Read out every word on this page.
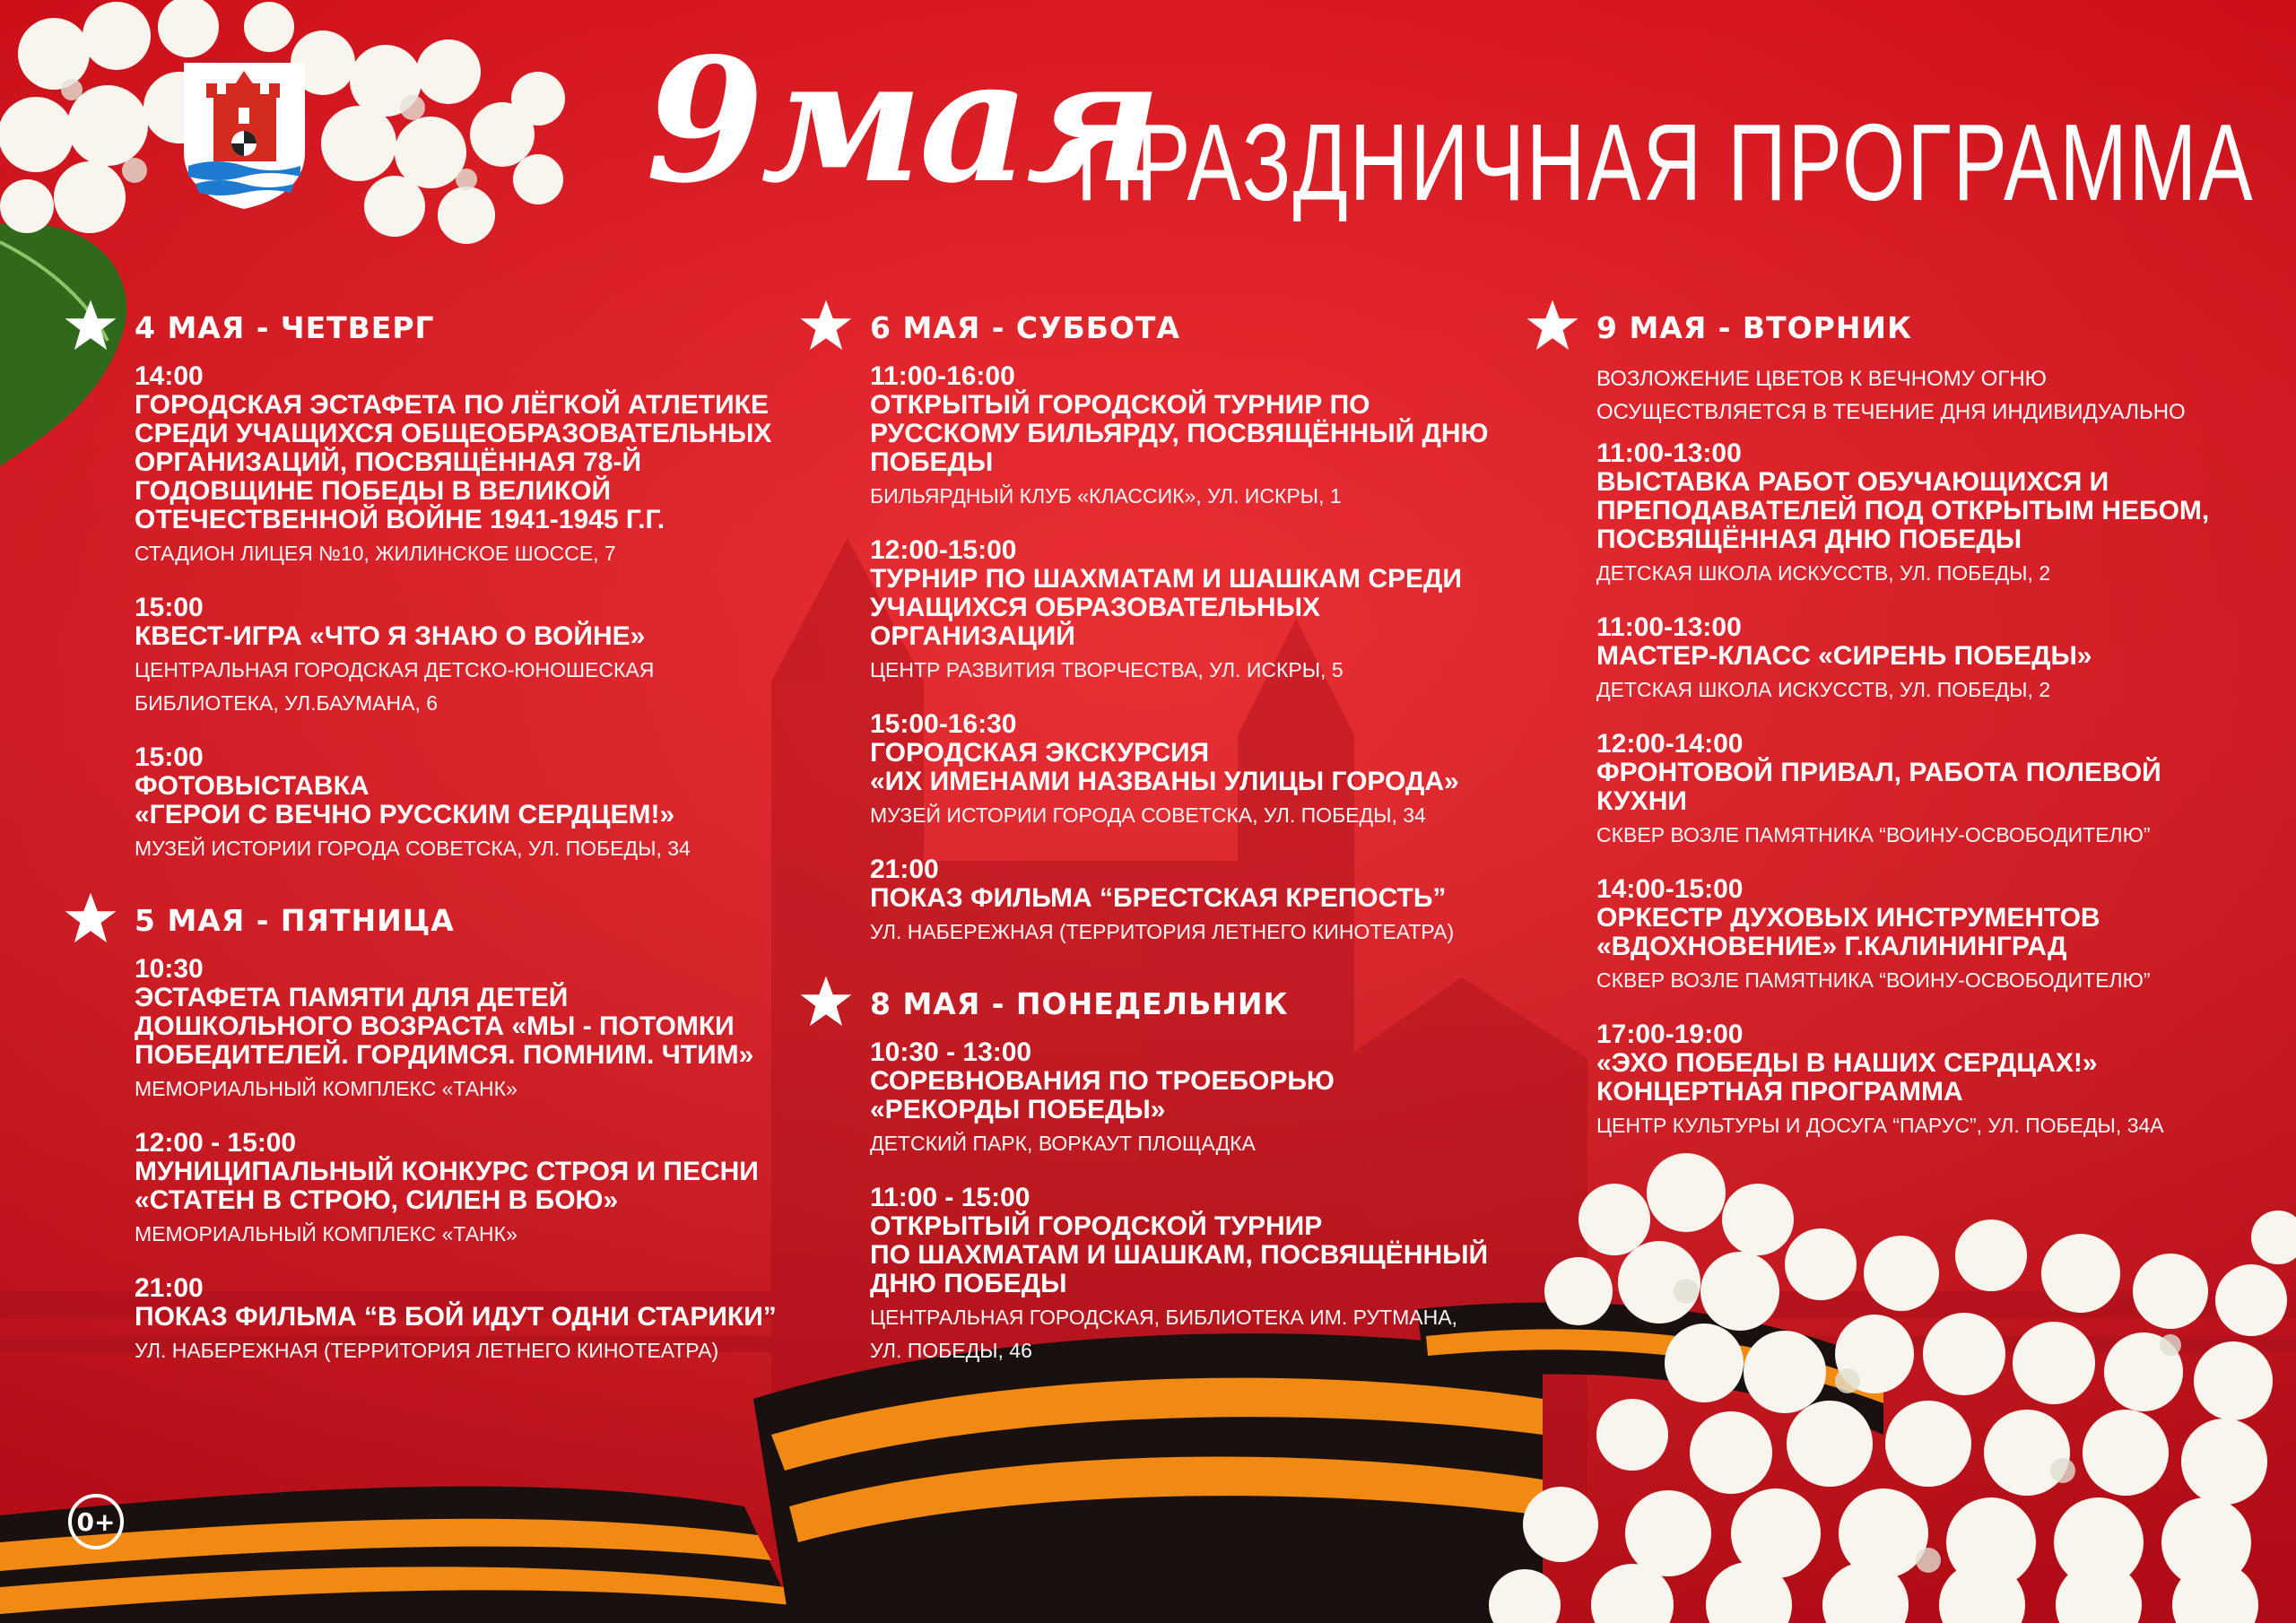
9мая
ПРАЗДНИЧНАЯ ПРОГРАММА
4 МАЯ - ЧЕТВЕРГ
14:00
ГОРОДСКАЯ ЭСТАФЕТА ПО ЛЁГКОЙ АТЛЕТИКЕ
СРЕДИ УЧАЩИХСЯ ОБЩЕОБРАЗОВАТЕЛЬНЫХ
ОРГАНИЗАЦИЙ, ПОСВЯЩЁННАЯ 78-Й
ГОДОВЩИНЕ ПОБЕДЫ В ВЕЛИКОЙ
ОТЕЧЕСТВЕННОЙ ВОЙНЕ 1941-1945 Г.Г.
СТАДИОН ЛИЦЕЯ №10, ЖИЛИНСКОЕ ШОССЕ, 7
15:00
КВЕСТ-ИГРА «ЧТО Я ЗНАЮ О ВОЙНЕ»
ЦЕНТРАЛЬНАЯ ГОРОДСКАЯ ДЕТСКО-ЮНОШЕСКАЯ
БИБЛИОТЕКА, УЛ.БАУМАНА, 6
15:00
ФОТОВЫСТАВКА
«ГЕРОИ С ВЕЧНО РУССКИМ СЕРДЦЕМ!»
МУЗЕЙ ИСТОРИИ ГОРОДА СОВЕТСКА, УЛ. ПОБЕДЫ, 34
5 МАЯ - ПЯТНИЦА
10:30
ЭСТАФЕТА ПАМЯТИ ДЛЯ ДЕТЕЙ
ДОШКОЛЬНОГО ВОЗРАСТА «МЫ - ПОТОМКИ
ПОБЕДИТЕЛЕЙ. ГОРДИМСЯ. ПОМНИМ. ЧТИМ»
МЕМОРИАЛЬНЫЙ КОМПЛЕКС «ТАНК»
12:00 - 15:00
МУНИЦИПАЛЬНЫЙ КОНКУРС СТРОЯ И ПЕСНИ
«СТАТЕН В СТРОЮ, СИЛЕН В БОЮ»
МЕМОРИАЛЬНЫЙ КОМПЛЕКС «ТАНК»
21:00
ПОКАЗ ФИЛЬМА “В БОЙ ИДУТ ОДНИ СТАРИКИ”
УЛ. НАБЕРЕЖНАЯ (ТЕРРИТОРИЯ ЛЕТНЕГО КИНОТЕАТРА)
6 МАЯ - СУББОТА
11:00-16:00
ОТКРЫТЫЙ ГОРОДСКОЙ ТУРНИР ПО
РУССКОМУ БИЛЬЯРДУ, ПОСВЯЩЁННЫЙ ДНЮ
ПОБЕДЫ
БИЛЬЯРДНЫЙ КЛУБ «КЛАССИК», УЛ. ИСКРЫ, 1
12:00-15:00
ТУРНИР ПО ШАХМАТАМ И ШАШКАМ СРЕДИ
УЧАЩИХСЯ ОБРАЗОВАТЕЛЬНЫХ
ОРГАНИЗАЦИЙ
ЦЕНТР РАЗВИТИЯ ТВОРЧЕСТВА, УЛ. ИСКРЫ, 5
15:00-16:30
ГОРОДСКАЯ ЭКСКУРСИЯ
«ИХ ИМЕНАМИ НАЗВАНЫ УЛИЦЫ ГОРОДА»
МУЗЕЙ ИСТОРИИ ГОРОДА СОВЕТСКА, УЛ. ПОБЕДЫ, 34
21:00
ПОКАЗ ФИЛЬМА “БРЕСТСКАЯ КРЕПОСТЬ”
УЛ. НАБЕРЕЖНАЯ (ТЕРРИТОРИЯ ЛЕТНЕГО КИНОТЕАТРА)
8 МАЯ - ПОНЕДЕЛЬНИК
10:30 - 13:00
СОРЕВНОВАНИЯ ПО ТРОЕБОРЬЮ
«РЕКОРДЫ ПОБЕДЫ»
ДЕТСКИЙ ПАРК, ВОРКАУТ ПЛОЩАДКА
11:00 - 15:00
ОТКРЫТЫЙ ГОРОДСКОЙ ТУРНИР
ПО ШАХМАТАМ И ШАШКАМ, ПОСВЯЩЁННЫЙ
ДНЮ ПОБЕДЫ
ЦЕНТРАЛЬНАЯ ГОРОДСКАЯ, БИБЛИОТЕКА ИМ. РУТМАНА,
УЛ. ПОБЕДЫ, 46
9 МАЯ - ВТОРНИК
ВОЗЛОЖЕНИЕ ЦВЕТОВ К ВЕЧНОМУ ОГНЮ
ОСУЩЕСТВЛЯЕТСЯ В ТЕЧЕНИЕ ДНЯ ИНДИВИДУАЛЬНО
11:00-13:00
ВЫСТАВКА РАБОТ ОБУЧАЮЩИХСЯ И
ПРЕПОДАВАТЕЛЕЙ ПОД ОТКРЫТЫМ НЕБОМ,
ПОСВЯЩЁННАЯ ДНЮ ПОБЕДЫ
ДЕТСКАЯ ШКОЛА ИСКУССТВ, УЛ. ПОБЕДЫ, 2
11:00-13:00
МАСТЕР-КЛАСС «СИРЕНЬ ПОБЕДЫ»
ДЕТСКАЯ ШКОЛА ИСКУССТВ, УЛ. ПОБЕДЫ, 2
12:00-14:00
ФРОНТОВОЙ ПРИВАЛ, РАБОТА ПОЛЕВОЙ
КУХНИ
СКВЕР ВОЗЛЕ ПАМЯТНИКА “ВОИНУ-ОСВОБОДИТЕЛЮ”
14:00-15:00
ОРКЕСТР ДУХОВЫХ ИНСТРУМЕНТОВ
«ВДОХНОВЕНИЕ» Г.КАЛИНИНГРАД
СКВЕР ВОЗЛЕ ПАМЯТНИКА “ВОИНУ-ОСВОБОДИТЕЛЮ”
17:00-19:00
«ЭХО ПОБЕДЫ В НАШИХ СЕРДЦАХ!»
КОНЦЕРТНАЯ ПРОГРАММА
ЦЕНТР КУЛЬТУРЫ И ДОСУГА “ПАРУС”, УЛ. ПОБЕДЫ, 34А
0+
